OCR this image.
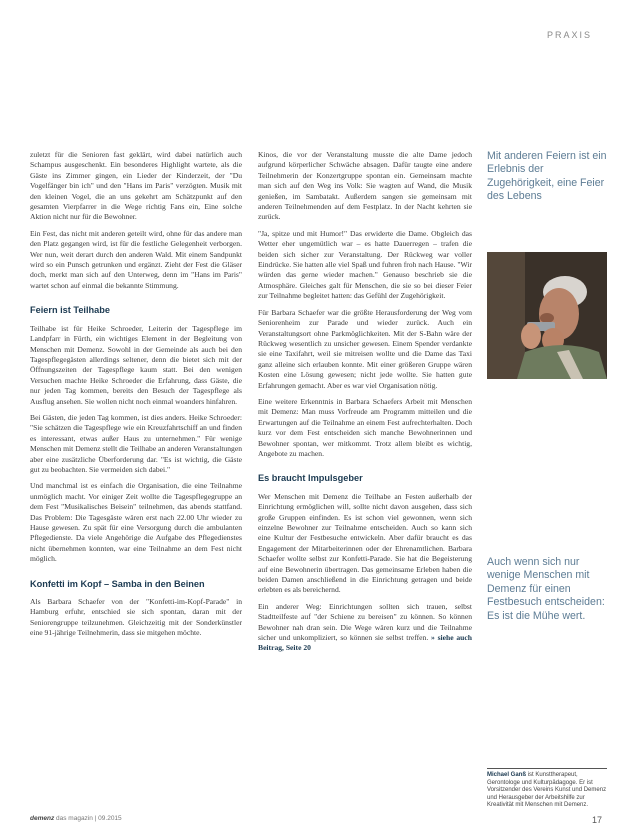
PRAXIS

zuletzt für die Senioren fast geklärt, wird dabei natürlich auch Schampus ausgeschenkt. Ein besonderes Highlight wartete, als die Gäste ins Zimmer gingen, ein Lieder der Kinderzeit, der "Du Vogelfänger bin ich" und den "Hans im Paris" verzögten. Musik mit den kleinen Vogel, die an uns gekehrt am Schätzpunkt auf den gesamten Vierpfarrer in die Wege richtig Fans ein, Eine solche Aktion nicht nur für die Bewohner.

Ein Fest, das nicht mit anderen geteilt wird, ohne für das andere man den Platz gegangen wird, ist für die festliche Gelegenheit verborgen. Wer nun, weit derart durch den anderen Wald. Mit einem Sandpunkt wird so ein Punsch getrunken und ergänzt. Zieht der Fest die Gläser doch, merkt man sich auf den Unterweg, denn im "Hans im Paris" wartet schon auf einmal die bekannte Stimmung.

Feiern ist Teilhabe

Teilhabe ist für Heike Schroeder, Leiterin der Tagespflege im Landpfarr in Fürth, ein wichtiges Element in der Begleitung von Menschen mit Demenz. Sowohl in der Gemeinde als auch bei den Tagespflegegästen allerdings seltener, denn die bietet sich mit der Öffnungszeiten der Tagespflege kaum statt. Bei den wenigen Versuchen machte Heike Schroeder die Erfahrung, dass Gäste, die nur jeden Tag kommen, bereits den Besuch der Tagespflege als Ausflug ansehen. Sie wollen nicht noch einmal woanders hinfahren.

Bei Gästen, die jeden Tag kommen, ist dies anders. Heike Schroeder: "Sie schätzen die Tagespflege wie ein Kreuzfahrtschiff an und finden es interessant, etwas außer Haus zu unternehmen." Für wenige Menschen mit Demenz stellt die Teilhabe an anderen Veranstaltungen aber eine zusätzliche Überforderung dar. "Es ist wichtig, die Gäste gut zu beobachten. Sie vermeiden sich dabei."

Und manchmal ist es einfach die Organisation, die eine Teilnahme unmöglich macht. Vor einiger Zeit wollte die Tagespflegegruppe an dem Fest "Musikalisches Beisein" teilnehmen, das abends stattfand. Das Problem: Die Tagesgäste wären erst nach 22.00 Uhr wieder zu Hause gewesen. Zu spät für eine Versorgung durch die ambulanten Pflegedienste. Da viele Angehörige die Aufgabe des Pflegedienstes nicht übernehmen konnten, war eine Teilnahme an dem Fest nicht möglich.

Konfetti im Kopf – Samba in den Beinen

Als Barbara Schaefer von der "Konfetti-im-Kopf-Parade" in Hamburg erfuhr, entschied sie sich spontan, daran mit der Seniorengruppe teilzunehmen. Gleichzeitig mit der Sonderkünstler eine 91-jährige Teilnehmerin, dass sie mitgehen möchte.

Kinos, die vor der Veranstaltung musste die alte Dame jedoch aufgrund körperlicher Schwäche absagen. Dafür taugte eine andere Teilnehmerin der Konzertgruppe spontan ein. Gemeinsam machte man sich auf den Weg ins Volk: Sie wagten auf Wand, die Musik genießen, im Sambatakt. Außerdem sangen sie gemeinsam mit anderen Teilnehmenden auf dem Festplatz. In der Nacht kehrten sie zurück.

"Ja, spitze und mit Humor!" Das erwiderte die Dame. Obgleich das Wetter eher ungemütlich war – es hatte Dauerregen – trafen die beiden sich sicher zur Veranstaltung. Der Rückweg war voller Eindrücke. Sie hatten alle viel Spaß und fuhren froh nach Hause. "Wir würden das gerne wieder machen." Genauso beschrieb sie die Atmosphäre. Gleiches galt für Menschen, die sie so bei dieser Feier zur Teilnahme begleitet hatten: das Gefühl der Zugehörigkeit.

Für Barbara Schaefer war die größte Herausforderung der Weg vom Seniorenheim zur Parade und wieder zurück. Auch ein Veranstaltungsort ohne Parkmöglichkeiten. Mit der S-Bahn wäre der Rückweg wesentlich zu unsicher gewesen. Einem Spender verdankte sie eine Taxifahrt, weil sie mitreisen wollte und die Dame das Taxi ganz alleine sich erlauben konnte. Mit einer größeren Gruppe wären Kosten eine Lösung gewesen; nicht jede wollte. Sie hatten gute Erfahrungen gemacht. Aber es war viel Organisation nötig.

Eine weitere Erkenntnis in Barbara Schaefers Arbeit mit Menschen mit Demenz: Man muss Vorfreude am Programm mitteilen und die Erwartungen auf die Teilnahme an einem Fest aufrechterhalten. Doch kurz vor dem Fest entscheiden sich manche Bewohnerinnen und Bewohner spontan, wer mitkommt. Trotz allem bleibt es wichtig, Angebote zu machen.

Es braucht Impulsgeber

Wer Menschen mit Demenz die Teilhabe an Festen außerhalb der Einrichtung ermöglichen will, sollte nicht davon ausgehen, dass sich große Gruppen einfinden. Es ist schon viel gewonnen, wenn sich einzelne Bewohner zur Teilnahme entscheiden. Auch so kann sich eine Kultur der Festbesuche entwickeln. Aber dafür braucht es das Engagement der Mitarbeiterinnen oder der Ehrenamtlichen. Barbara Schaefer wollte selbst zur Konfetti-Parade. Sie hat die Begeisterung auf eine Bewohnerin übertragen. Das gemeinsame Erleben haben die beiden Damen anschließend in die Einrichtung getragen und beide erlebten es als bereichernd.

Ein anderer Weg: Einrichtungen sollten sich trauen, selbst Stadtteilfeste auf "der Schiene zu bereisen" zu können. So können Bewohner nah dran sein. Die Wege wären kurz und die Teilnahme sicher und unkompliziert, so können sie selbst treffen. » siehe auch Beitrag, Seite 20

Mit anderen Feiern ist ein Erlebnis der Zugehörigkeit, eine Feier des Lebens
Auch wenn sich nur wenige Menschen mit Demenz für einen Festbesuch entscheiden: Es ist die Mühe wert.
Michael Ganß ist Kunsttherapeut, Gerontologe und Kulturpädagoge. Er ist Vorsitzender des Vereins Kunst und Demenz und Herausgeber der Arbeitshilfe zur Kreativität mit Menschen mit Demenz.
demenz das magazin | 09.2015	17
